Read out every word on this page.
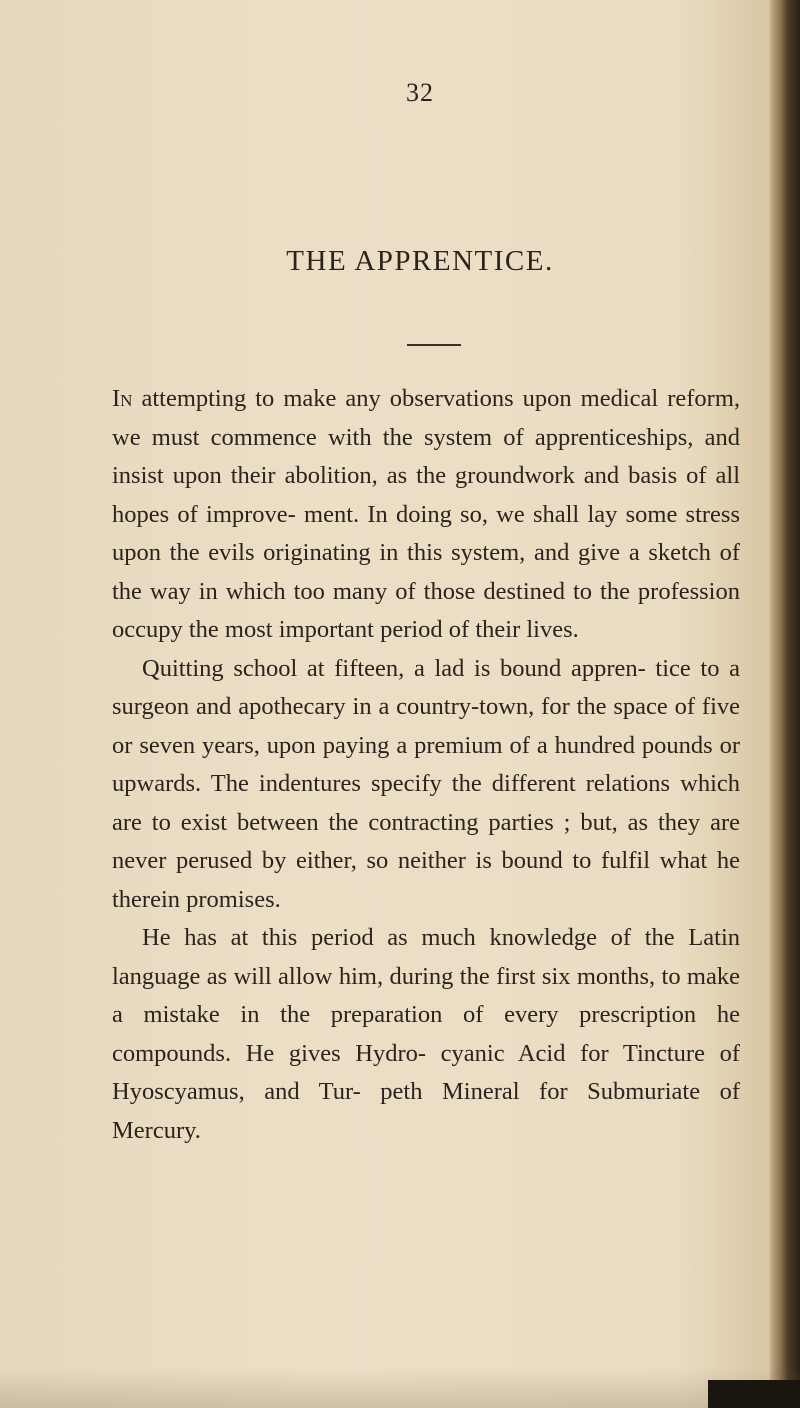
32
THE APPRENTICE.

In attempting to make any observations upon medical reform, we must commence with the system of apprenticeships, and insist upon their abolition, as the groundwork and basis of all hopes of improve- ment. In doing so, we shall lay some stress upon the evils originating in this system, and give a sketch of the way in which too many of those destined to the profession occupy the most important period of their lives.

Quitting school at fifteen, a lad is bound appren- tice to a surgeon and apothecary in a country-town, for the space of five or seven years, upon paying a premium of a hundred pounds or upwards. The indentures specify the different relations which are to exist between the contracting parties ; but, as they are never perused by either, so neither is bound to fulfil what he therein promises.

He has at this period as much knowledge of the Latin language as will allow him, during the first six months, to make a mistake in the preparation of every prescription he compounds. He gives Hydro- cyanic Acid for Tincture of Hyoscyamus, and Tur- peth Mineral for Submuriate of Mercury.
